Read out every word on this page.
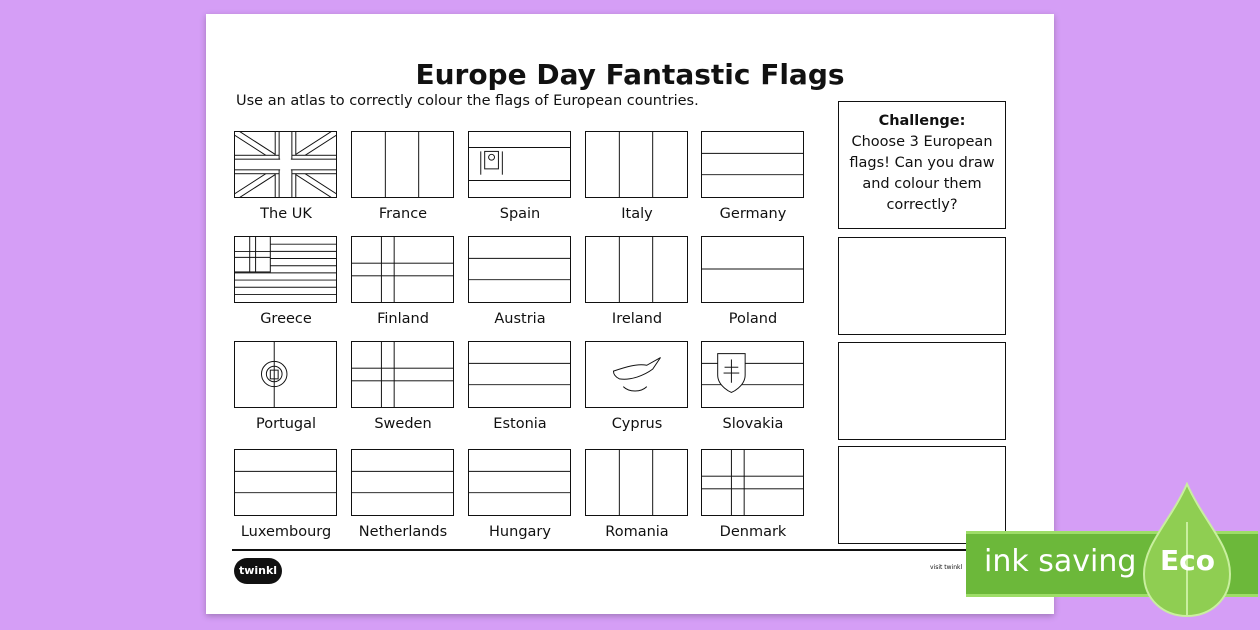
Europe Day Fantastic Flags
Use an atlas to correctly colour the flags of European countries.
The UK	France	Spain	Italy	Germany
Greece	Finland	Austria	Ireland	Poland
Portugal	Sweden	Estonia	Cyprus	Slovakia
Luxembourg	Netherlands	Hungary	Romania	Denmark
Challenge:
Choose 3 European flags! Can you draw and colour them correctly?
twinkl	visit twinkl ink saving Eco
